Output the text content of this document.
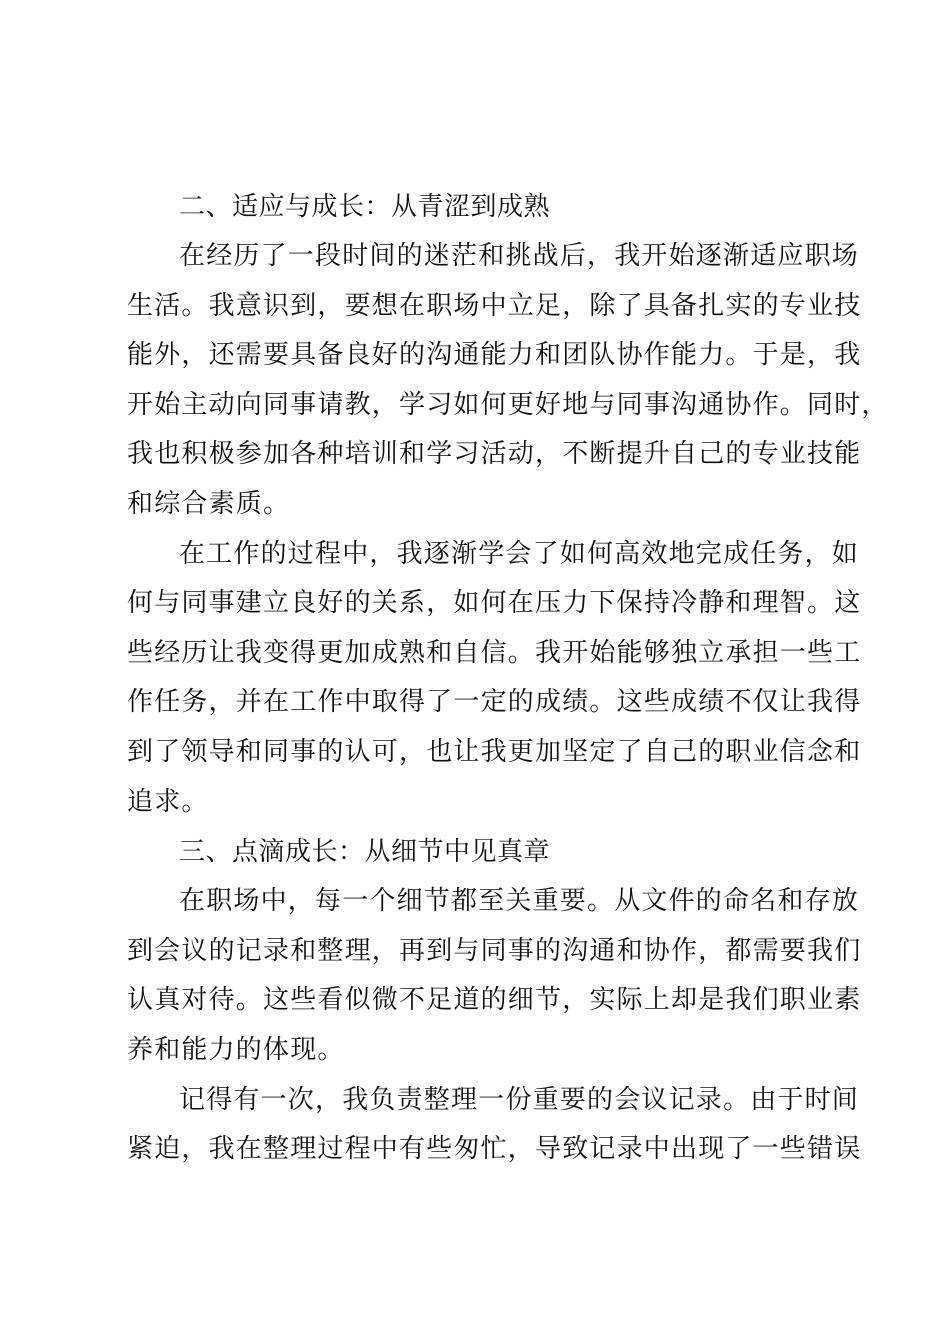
二、适应与成长：从青涩到成熟
在经历了一段时间的迷茫和挑战后，我开始逐渐适应职场
生活。我意识到，要想在职场中立足，除了具备扎实的专业技
能外，还需要具备良好的沟通能力和团队协作能力。于是，我
开始主动向同事请教，学习如何更好地与同事沟通协作。同时，
我也积极参加各种培训和学习活动，不断提升自己的专业技能
和综合素质。
在工作的过程中，我逐渐学会了如何高效地完成任务，如
何与同事建立良好的关系，如何在压力下保持冷静和理智。这
些经历让我变得更加成熟和自信。我开始能够独立承担一些工
作任务，并在工作中取得了一定的成绩。这些成绩不仅让我得
到了领导和同事的认可，也让我更加坚定了自己的职业信念和
追求。
三、点滴成长：从细节中见真章
在职场中，每一个细节都至关重要。从文件的命名和存放
到会议的记录和整理，再到与同事的沟通和协作，都需要我们
认真对待。这些看似微不足道的细节，实际上却是我们职业素
养和能力的体现。
记得有一次，我负责整理一份重要的会议记录。由于时间
紧迫，我在整理过程中有些匆忙，导致记录中出现了一些错误
